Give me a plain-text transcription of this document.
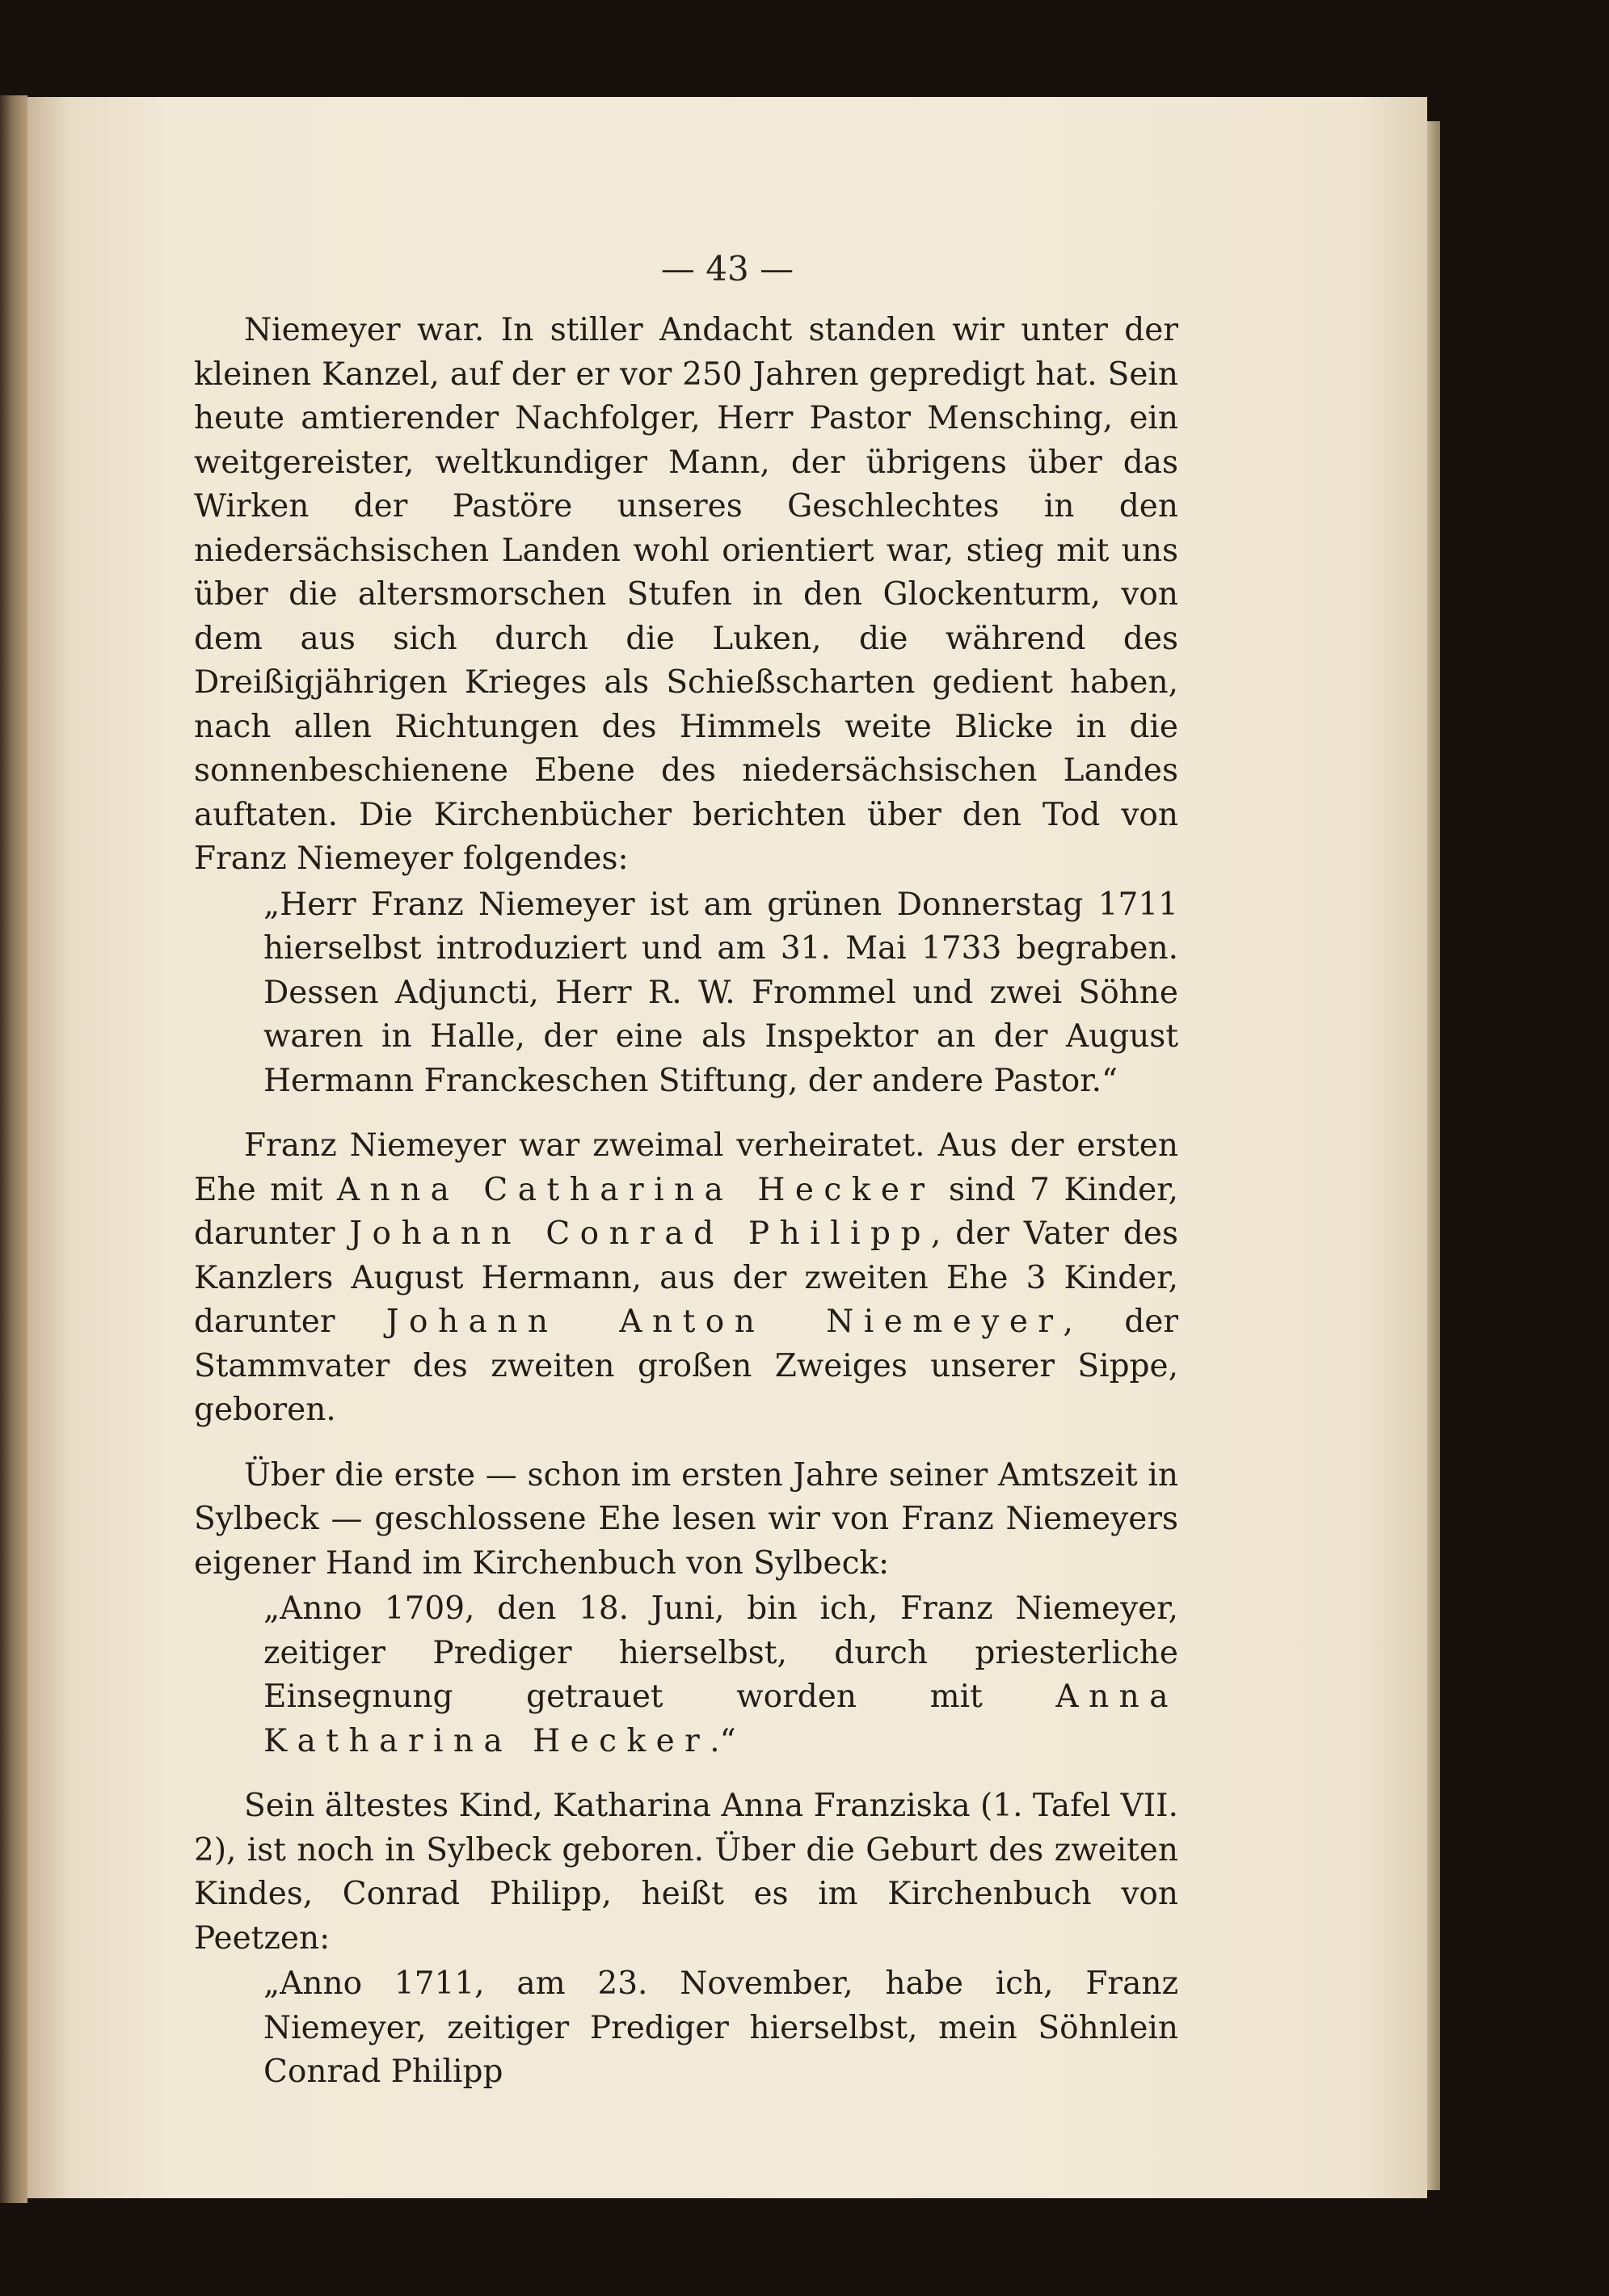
— 43 —

Niemeyer war. In stiller Andacht standen wir unter der kleinen Kanzel, auf der er vor 250 Jahren gepredigt hat. Sein heute amtierender Nachfolger, Herr Pastor Mensching, ein weitgereister, weltkundiger Mann, der übrigens über das Wirken der Pastöre unseres Geschlechtes in den niedersächsischen Landen wohl orientiert war, stieg mit uns über die altersmorschen Stufen in den Glockenturm, von dem aus sich durch die Luken, die während des Dreißigjährigen Krieges als Schießscharten gedient haben, nach allen Richtungen des Himmels weite Blicke in die sonnenbeschienene Ebene des niedersächsischen Landes auftaten. Die Kirchenbücher berichten über den Tod von Franz Niemeyer folgendes:

„Herr Franz Niemeyer ist am grünen Donnerstag 1711 hierselbst introduziert und am 31. Mai 1733 begraben. Dessen Adjuncti, Herr R. W. Frommel und zwei Söhne waren in Halle, der eine als Inspektor an der August Hermann Franckeschen Stiftung, der andere Pastor.“

Franz Niemeyer war zweimal verheiratet. Aus der ersten Ehe mit Anna Catharina Hecker sind 7 Kinder, darunter Johann Conrad Philipp, der Vater des Kanzlers August Hermann, aus der zweiten Ehe 3 Kinder, darunter Johann Anton Niemeyer, der Stammvater des zweiten großen Zweiges unserer Sippe, geboren.

Über die erste — schon im ersten Jahre seiner Amtszeit in Sylbeck — geschlossene Ehe lesen wir von Franz Niemeyers eigener Hand im Kirchenbuch von Sylbeck:

„Anno 1709, den 18. Juni, bin ich, Franz Niemeyer, zeitiger Prediger hierselbst, durch priesterliche Einsegnung getrauet worden mit Anna Katharina Hecker.“

Sein ältestes Kind, Katharina Anna Franziska (1. Tafel VII. 2), ist noch in Sylbeck geboren. Über die Geburt des zweiten Kindes, Conrad Philipp, heißt es im Kirchenbuch von Peetzen:

„Anno 1711, am 23. November, habe ich, Franz Niemeyer, zeitiger Prediger hierselbst, mein Söhnlein Conrad Philipp
